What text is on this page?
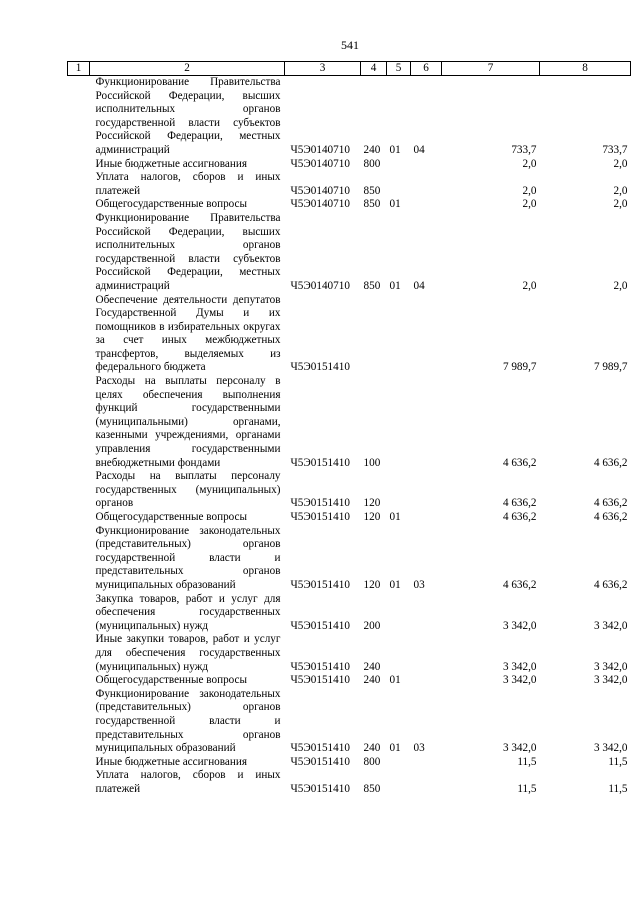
541
1	2	3	4	5	6	7	8
	Функционирование Правительства Российской Федерации, высших исполнительных органов государственной власти субъектов Российской Федерации, местных администраций	Ч5Э0140710	240	01	04	733,7	733,7
	Иные бюджетные ассигнования	Ч5Э0140710	800			2,0	2,0
	Уплата налогов, сборов и иных платежей	Ч5Э0140710	850			2,0	2,0
	Общегосударственные вопросы	Ч5Э0140710	850	01		2,0	2,0
	Функционирование Правительства Российской Федерации, высших исполнительных органов государственной власти субъектов Российской Федерации, местных администраций	Ч5Э0140710	850	01	04	2,0	2,0
	Обеспечение деятельности депутатов Государственной Думы и их помощников в избирательных округах за счет иных межбюджетных трансфертов, выделяемых из федерального бюджета	Ч5Э0151410				7 989,7	7 989,7
	Расходы на выплаты персоналу в целях обеспечения выполнения функций государственными (муниципальными) органами, казенными учреждениями, органами управления государственными внебюджетными фондами	Ч5Э0151410	100			4 636,2	4 636,2
	Расходы на выплаты персоналу государственных (муниципальных) органов	Ч5Э0151410	120			4 636,2	4 636,2
	Общегосударственные вопросы	Ч5Э0151410	120	01		4 636,2	4 636,2
	Функционирование законодательных (представительных) органов государственной власти и представительных органов муниципальных образований	Ч5Э0151410	120	01	03	4 636,2	4 636,2
	Закупка товаров, работ и услуг для обеспечения государственных (муниципальных) нужд	Ч5Э0151410	200			3 342,0	3 342,0
	Иные закупки товаров, работ и услуг для обеспечения государственных (муниципальных) нужд	Ч5Э0151410	240			3 342,0	3 342,0
	Общегосударственные вопросы	Ч5Э0151410	240	01		3 342,0	3 342,0
	Функционирование законодательных (представительных) органов государственной власти и представительных органов муниципальных образований	Ч5Э0151410	240	01	03	3 342,0	3 342,0
	Иные бюджетные ассигнования	Ч5Э0151410	800			11,5	11,5
	Уплата налогов, сборов и иных платежей	Ч5Э0151410	850			11,5	11,5
